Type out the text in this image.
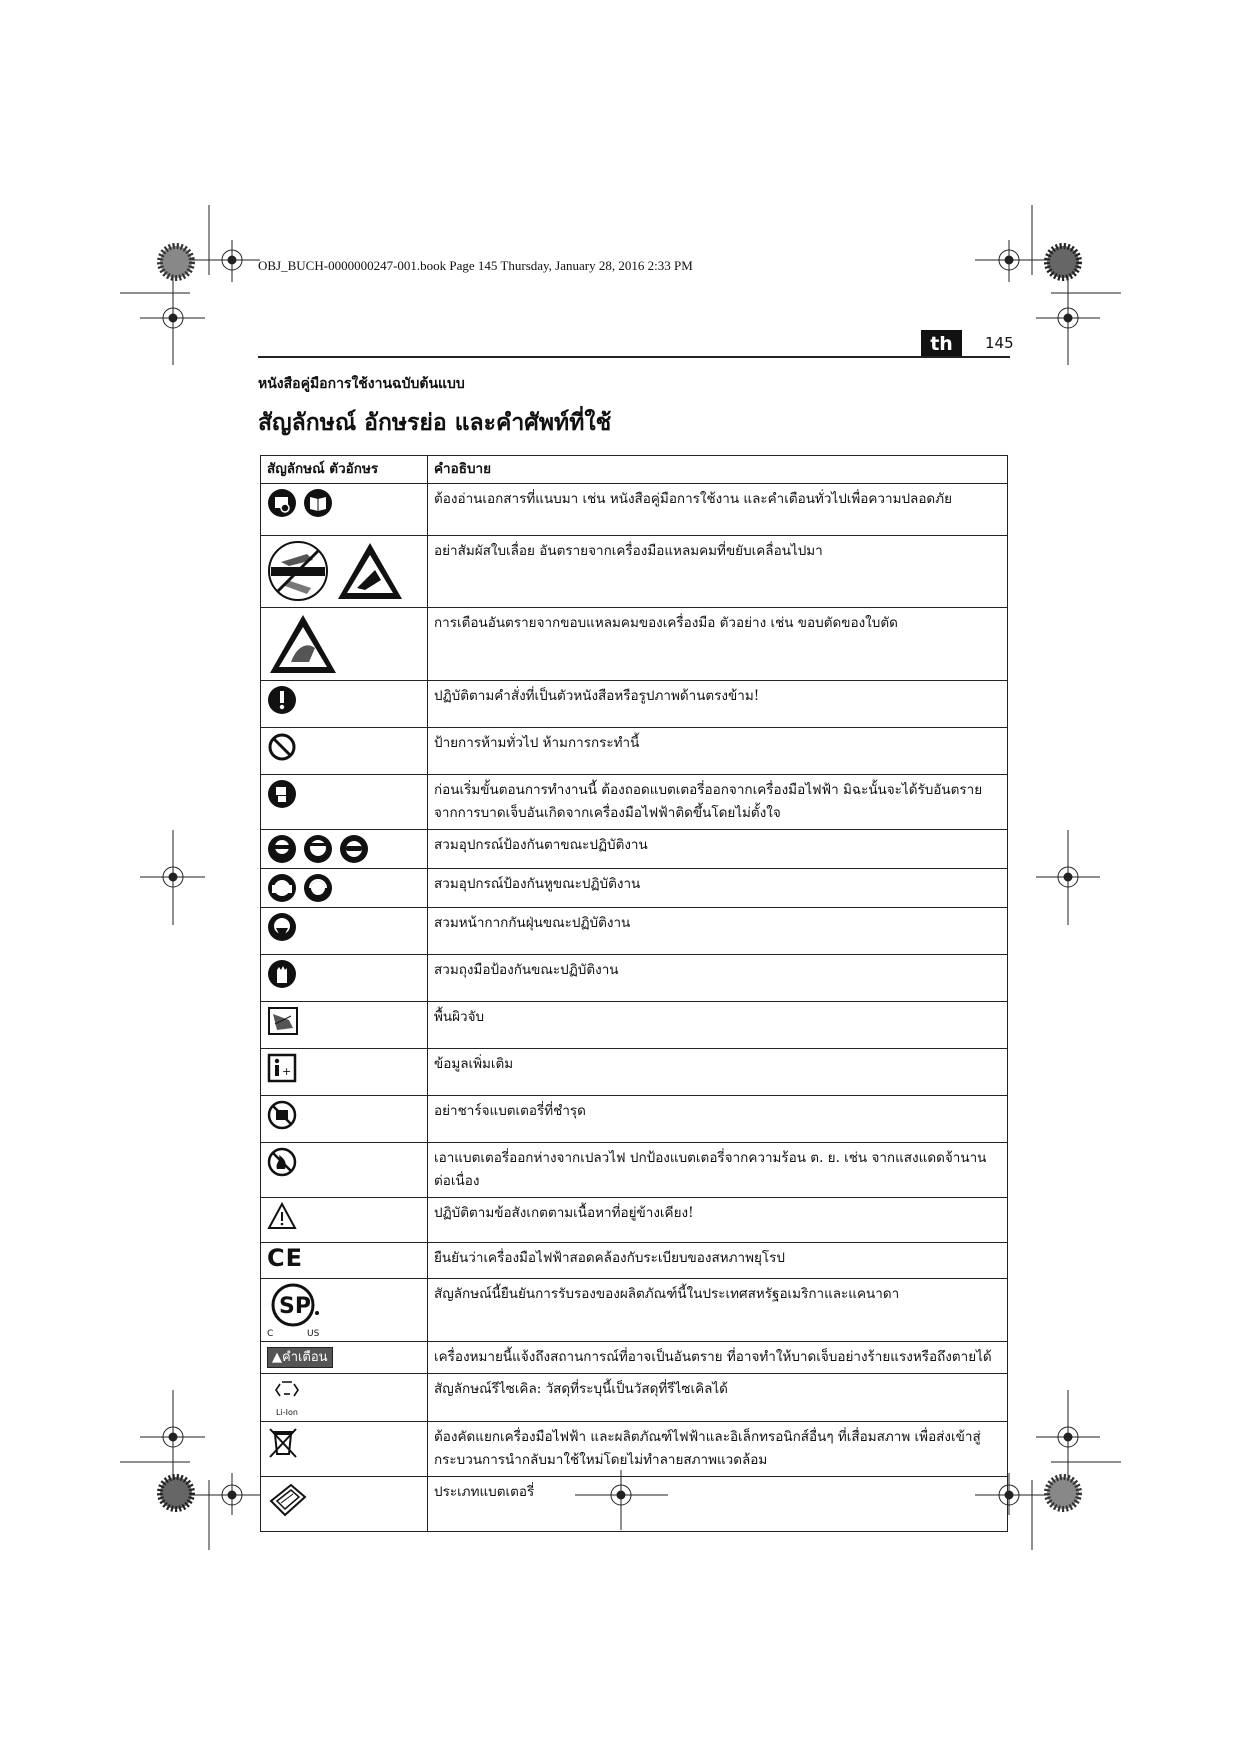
OBJ_BUCH-0000000247-001.book Page 145 Thursday, January 28, 2016 2:33 PM
th	145
หนังสือคู่มือการใช้งานฉบับต้นแบบ
สัญลักษณ์ อักษรย่อ และคำศัพท์ที่ใช้
สัญลักษณ์ ตัวอักษร	คำอธิบาย

	ต้องอ่านเอกสารที่แนบมา เช่น หนังสือคู่มือการใช้งาน และคำเตือนทั่วไปเพื่อความปลอดภัย

	อย่าสัมผัสใบเลื่อย อันตรายจากเครื่องมือแหลมคมที่ขยับเคลื่อนไปมา

	การเตือนอันตรายจากขอบแหลมคมของเครื่องมือ ตัวอย่าง เช่น ขอบตัดของใบตัด
	ปฏิบัติตามคำสั่งที่เป็นตัวหนังสือหรือรูปภาพด้านตรงข้าม!
	ป้ายการห้ามทั่วไป ห้ามการกระทำนี้
	ก่อนเริ่มขั้นตอนการทำงานนี้ ต้องถอดแบตเตอรี่ออกจากเครื่องมือไฟฟ้า มิฉะนั้นจะได้รับอันตรายจากการบาดเจ็บอันเกิดจากเครื่องมือไฟฟ้าติดขึ้นโดยไม่ตั้งใจ

	สวมอุปกรณ์ป้องกันตาขณะปฏิบัติงาน

	สวมอุปกรณ์ป้องกันหูขณะปฏิบัติงาน
	สวมหน้ากากกันฝุ่นขณะปฏิบัติงาน
	สวมถุงมือป้องกันขณะปฏิบัติงาน
	พื้นผิวจับ

+	ข้อมูลเพิ่มเติม
	อย่าชาร์จแบตเตอรี่ที่ชำรุด
	เอาแบตเตอรี่ออกห่างจากเปลวไฟ ปกป้องแบตเตอรี่จากความร้อน ต. ย. เช่น จากแสงแดดจ้านานต่อเนื่อง
	ปฏิบัติตามข้อสังเกตตามเนื้อหาที่อยู่ข้างเคียง!
CE	ยืนยันว่าเครื่องมือไฟฟ้าสอดคล้องกับระเบียบของสหภาพยุโรป

SP
C US	สัญลักษณ์นี้ยืนยันการรับรองของผลิตภัณฑ์นี้ในประเทศสหรัฐอเมริกาและแคนาดา
▲คำเตือน	เครื่องหมายนี้แจ้งถึงสถานการณ์ที่อาจเป็นอันตราย ที่อาจทำให้บาดเจ็บอย่างร้ายแรงหรือถึงตายได้

Li-Ion	สัญลักษณ์รีไซเคิล: วัสดุที่ระบุนี้เป็นวัสดุที่รีไซเคิลได้
	ต้องคัดแยกเครื่องมือไฟฟ้า และผลิตภัณฑ์ไฟฟ้าและอิเล็กทรอนิกส์อื่นๆ ที่เสื่อมสภาพ เพื่อส่งเข้าสู่กระบวนการนำกลับมาใช้ใหม่โดยไม่ทำลายสภาพแวดล้อม
	ประเภทแบตเตอรี่
